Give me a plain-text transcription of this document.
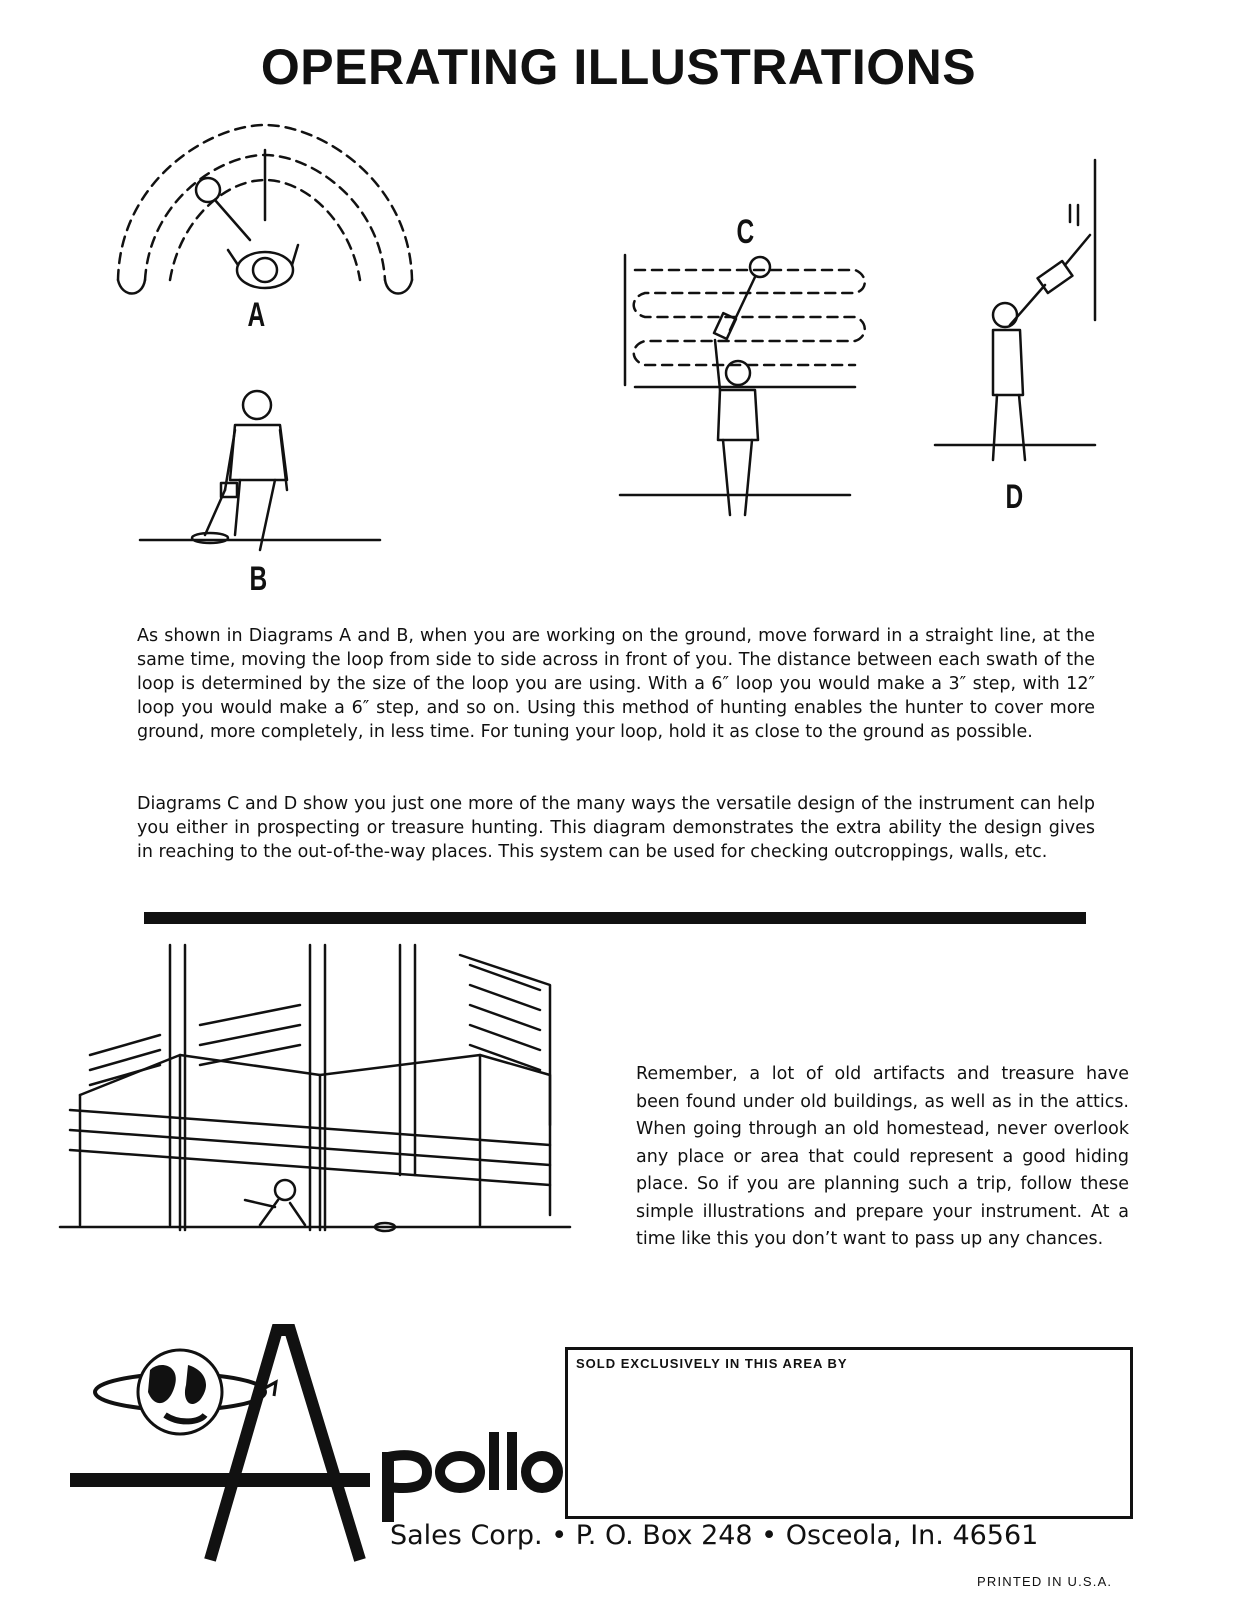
OPERATING ILLUSTRATIONS
A
B
C
D
As shown in Diagrams A and B, when you are working on the ground, move forward in a straight line, at the same time, moving the loop from side to side across in front of you. The distance between each swath of the loop is determined by the size of the loop you are using. With a 6″ loop you would make a 3″ step, with 12″ loop you would make a 6″ step, and so on. Using this method of hunting enables the hunter to cover more ground, more completely, in less time. For tuning your loop, hold it as close to the ground as possible.
Diagrams C and D show you just one more of the many ways the versatile design of the instrument can help you either in prospecting or treasure hunting. This diagram demonstrates the extra ability the design gives in reaching to the out-of-the-way places. This system can be used for checking outcroppings, walls, etc.
Remember, a lot of old artifacts and treasure have been found under old buildings, as well as in the attics. When going through an old homestead, never overlook any place or area that could represent a good hiding place. So if you are planning such a trip, follow these simple illustrations and prepare your instrument. At a time like this you don’t want to pass up any chances.
SOLD EXCLUSIVELY IN THIS AREA BY
Sales Corp. • P. O. Box 248 • Osceola, In. 46561
PRINTED IN U.S.A.
